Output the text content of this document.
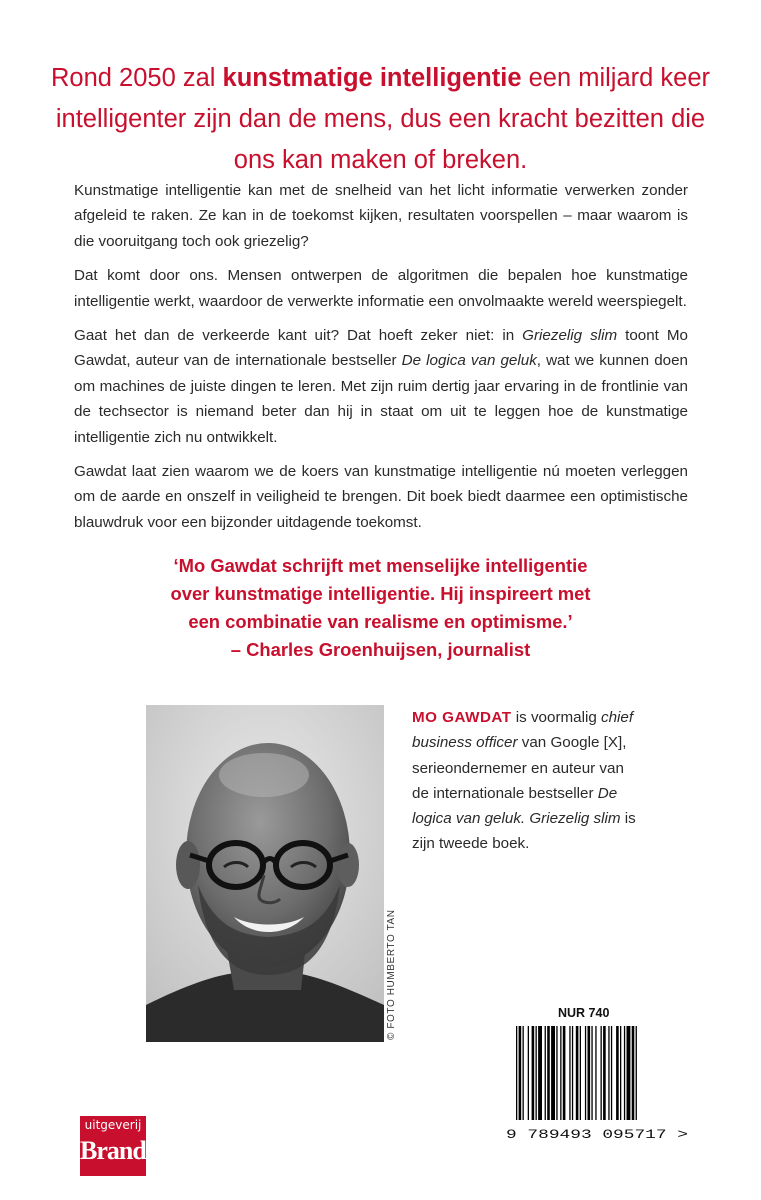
Rond 2050 zal kunstmatige intelligentie een miljard keer intelligenter zijn dan de mens, dus een kracht bezitten die ons kan maken of breken.

Kunstmatige intelligentie kan met de snelheid van het licht informatie verwerken zonder afgeleid te raken. Ze kan in de toekomst kijken, resultaten voorspellen – maar waarom is die vooruitgang toch ook griezelig?

Dat komt door ons. Mensen ontwerpen de algoritmen die bepalen hoe kunstmatige intelligentie werkt, waardoor de verwerkte informatie een onvolmaakte wereld weerspiegelt.

Gaat het dan de verkeerde kant uit? Dat hoeft zeker niet: in Griezelig slim toont Mo Gawdat, auteur van de internationale bestseller De logica van geluk, wat we kunnen doen om machines de juiste dingen te leren. Met zijn ruim dertig jaar ervaring in de frontlinie van de techsector is niemand beter dan hij in staat om uit te leggen hoe de kunstmatige intelligentie zich nu ontwikkelt.

Gawdat laat zien waarom we de koers van kunstmatige intelligentie nú moeten verleggen om de aarde en onszelf in veiligheid te brengen. Dit boek biedt daarmee een optimistische blauwdruk voor een bijzonder uitdagende toekomst.

‘Mo Gawdat schrijft met menselijke intelligentie
over kunstmatige intelligentie. Hij inspireert met
een combinatie van realisme en optimisme.’
– Charles Groenhuijsen, journalist
© FOTO HUMBERTO TAN
MO GAWDAT is voormalig chief business officer van Google [X], serieondernemer en auteur van de internationale bestseller De logica van geluk. Griezelig slim is zijn tweede boek.
NUR 740
9 789493 095717 >
uitgeverij
Brandt
